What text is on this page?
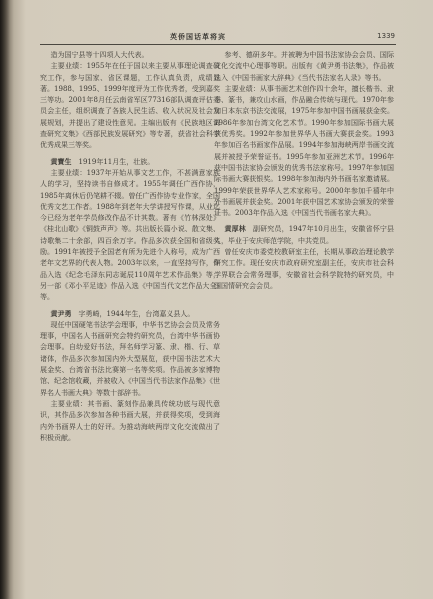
英侨国话革将宾	1339

造为国宁县等十四项人大代表。

主要业绩：1955年在任于国以来主要从事理论调查研究工作，参与国家、省区课题，工作认真负责，成绩显著。1988、1995、1999年度评为工作优秀者，受到嘉奖三等功。2001年8月任云南省军区77316部队调查评估委员会主任，组织调查了各族人民生活、收入状况及社会发展规划，并提出了建设性意见。主编出版有《民族地区调查研究文集》《西部民族发展研究》等专著，获省社会科学优秀成果三等奖。

黄寶生　1919年11月生，壮族。

主要业绩：1937年开始从事文艺工作，不甚满意家族人的学习，坚持读书自修成才。1955年调任广西作协，1985年离休后仍笔耕不辍。曾任广西作协专业作家，全国优秀文艺工作者。1988年到老年大学讲授写作课，从业迄今已经为老年学员修改作品不计其数。著有《竹林深处》《桂北山歌》《铜鼓声声》等。共出版长篇小说、散文集、诗歌集二十余部，四百余万字。作品多次获全国和省级奖励。1991年被授予全国老有所为先进个人称号，成为广西老年文艺界的代表人物。2003年以来，一直坚持写作，作品入选《纪念毛泽东同志诞辰110周年艺术作品集》等，另一部《邓小平足迹》作品入选《中国当代文艺作品大全》等。

黄尹勇　字勇崎，1944年生，台湾嘉义县人。

现任中国硬笔书法学会理事，中华书艺协会会员及常务理事，中国名人书画研究会特约研究员，台湾中华书画协会理事。自幼爱好书法，拜名师学习篆、隶、楷、行、草诸体，作品多次参加国内外大型展览，获中国书法艺术大展金奖、台湾省书法比赛第一名等奖项。作品被多家博物馆、纪念馆收藏，并被收入《中国当代书法家作品集》《世界名人书画大典》等数十部辞书。

主要业绩：其书画、篆刻作品兼具传统功底与现代意识，其作品多次参加各种书画大展，并获得奖项，受到海内外书画界人士的好评。为推动海峡两岸文化交流做出了积极贡献。

参考、德研多年。并被聘为中国书法家协会会员、国际文化交流中心理事等职。出版有《黄尹勇书法集》，作品被选入《中国书画家大辞典》《当代书法家名人录》等书。

主要业绩：从事书画艺术创作四十余年，擅长楷书、隶书、篆书，兼攻山水画，作品融合传统与现代。1970年参加日本东京书法交流展，1975年参加中国书画展获金奖。1986年参加台湾文化艺术节。1990年参加国际书画大展获优秀奖。1992年参加世界华人书画大赛获金奖。1993年参加百名书画家作品展。1994年参加海峡两岸书画交流展并被授予荣誉证书。1995年参加亚洲艺术节。1996年获中国书法家协会颁发的优秀书法家称号。1997年参加国际书画大赛获银奖。1998年参加海内外书画名家邀请展。1999年荣获世界华人艺术家称号。2000年参加千禧年中外书画展并获金奖。2001年获中国艺术家协会颁发的荣誉证书。2003年作品入选《中国当代书画名家大典》。

黄厚林　副研究员，1947年10月出生，安徽省怀宁县人，毕业于安庆师范学院，中共党员。

曾任安庆市委党校教研室主任，长期从事政治理论教学研究工作。现任安庆市政府研究室副主任，安庆市社会科学界联合会常务理事，安徽省社会科学院特约研究员，中国国情研究会会员。
